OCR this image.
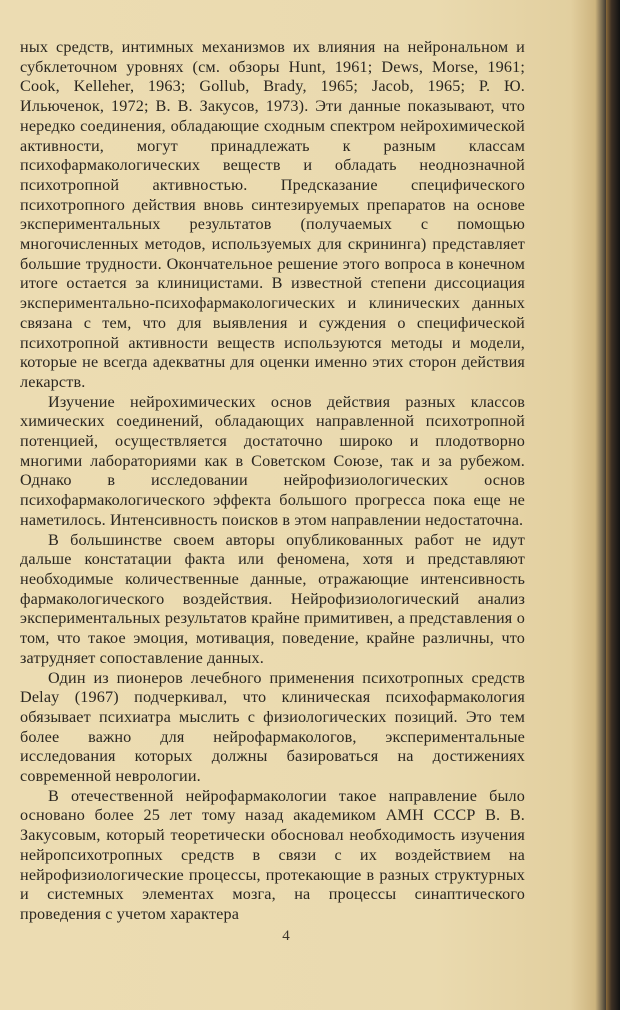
ных средств, интимных механизмов их влияния на нейрональном и субклеточном уровнях (см. обзоры Hunt, 1961; Dews, Morse, 1961; Cook, Kelleher, 1963; Gollub, Brady, 1965; Jacob, 1965; Р. Ю. Ильюченок, 1972; В. В. Закусов, 1973). Эти данные показывают, что нередко соединения, обладающие сходным спектром нейрохимической активности, могут принадлежать к разным классам психофармакологических веществ и обладать неоднозначной психотропной активностью. Предсказание специфического психотропного действия вновь синтезируемых препаратов на основе экспериментальных результатов (получаемых с помощью многочисленных методов, используемых для скрининга) представляет большие трудности. Окончательное решение этого вопроса в конечном итоге остается за клиницистами. В известной степени диссоциация экспериментально-психофармакологических и клинических данных связана с тем, что для выявления и суждения о специфической психотропной активности веществ используются методы и модели, которые не всегда адекватны для оценки именно этих сторон действия лекарств.

Изучение нейрохимических основ действия разных классов химических соединений, обладающих направленной психотропной потенцией, осуществляется достаточно широко и плодотворно многими лабораториями как в Советском Союзе, так и за рубежом. Однако в исследовании нейрофизиологических основ психофармакологического эффекта большого прогресса пока еще не наметилось. Интенсивность поисков в этом направлении недостаточна.

В большинстве своем авторы опубликованных работ не идут дальше констатации факта или феномена, хотя и представляют необходимые количественные данные, отражающие интенсивность фармакологического воздействия. Нейрофизиологический анализ экспериментальных результатов крайне примитивен, а представления о том, что такое эмоция, мотивация, поведение, крайне различны, что затрудняет сопоставление данных.

Один из пионеров лечебного применения психотропных средств Delay (1967) подчеркивал, что клиническая психофармакология обязывает психиатра мыслить с физиологических позиций. Это тем более важно для нейрофармакологов, экспериментальные исследования которых должны базироваться на достижениях современной неврологии.

В отечественной нейрофармакологии такое направление было основано более 25 лет тому назад академиком АМН СССР В. В. Закусовым, который теоретически обосновал необходимость изучения нейропсихотропных средств в связи с их воздействием на нейрофизиологические процессы, протекающие в разных структурных и системных элементах мозга, на процессы синаптического проведения с учетом характера

4
